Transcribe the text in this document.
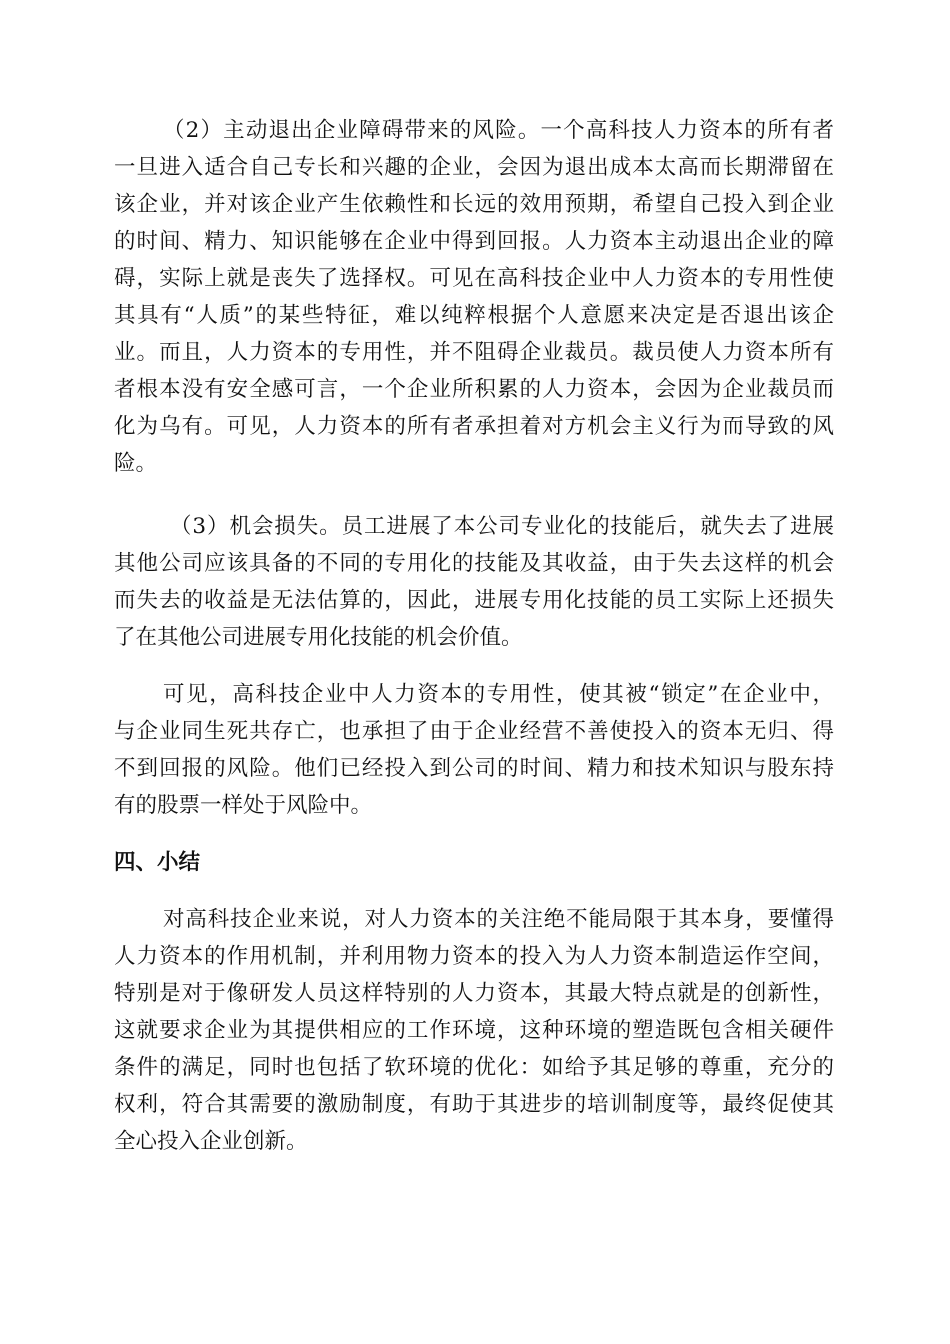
（2）主动退出企业障碍带来的风险。一个高科技人力资本的所有者
一旦进入适合自己专长和兴趣的企业，会因为退出成本太高而长期滞留在
该企业，并对该企业产生依赖性和长远的效用预期，希望自己投入到企业
的时间、精力、知识能够在企业中得到回报。人力资本主动退出企业的障
碍，实际上就是丧失了选择权。可见在高科技企业中人力资本的专用性使
其具有“人质”的某些特征，难以纯粹根据个人意愿来决定是否退出该企
业。而且，人力资本的专用性，并不阻碍企业裁员。裁员使人力资本所有
者根本没有安全感可言，一个企业所积累的人力资本，会因为企业裁员而
化为乌有。可见，人力资本的所有者承担着对方机会主义行为而导致的风
险。
（3）机会损失。员工进展了本公司专业化的技能后，就失去了进展
其他公司应该具备的不同的专用化的技能及其收益，由于失去这样的机会
而失去的收益是无法估算的，因此，进展专用化技能的员工实际上还损失
了在其他公司进展专用化技能的机会价值。
可见，高科技企业中人力资本的专用性，使其被“锁定”在企业中，
与企业同生死共存亡，也承担了由于企业经营不善使投入的资本无归、得
不到回报的风险。他们已经投入到公司的时间、精力和技术知识与股东持
有的股票一样处于风险中。
四、小结
对高科技企业来说，对人力资本的关注绝不能局限于其本身，要懂得
人力资本的作用机制，并利用物力资本的投入为人力资本制造运作空间，
特别是对于像研发人员这样特别的人力资本，其最大特点就是的创新性，
这就要求企业为其提供相应的工作环境，这种环境的塑造既包含相关硬件
条件的满足，同时也包括了软环境的优化：如给予其足够的尊重，充分的
权利，符合其需要的激励制度，有助于其进步的培训制度等，最终促使其
全心投入企业创新。
